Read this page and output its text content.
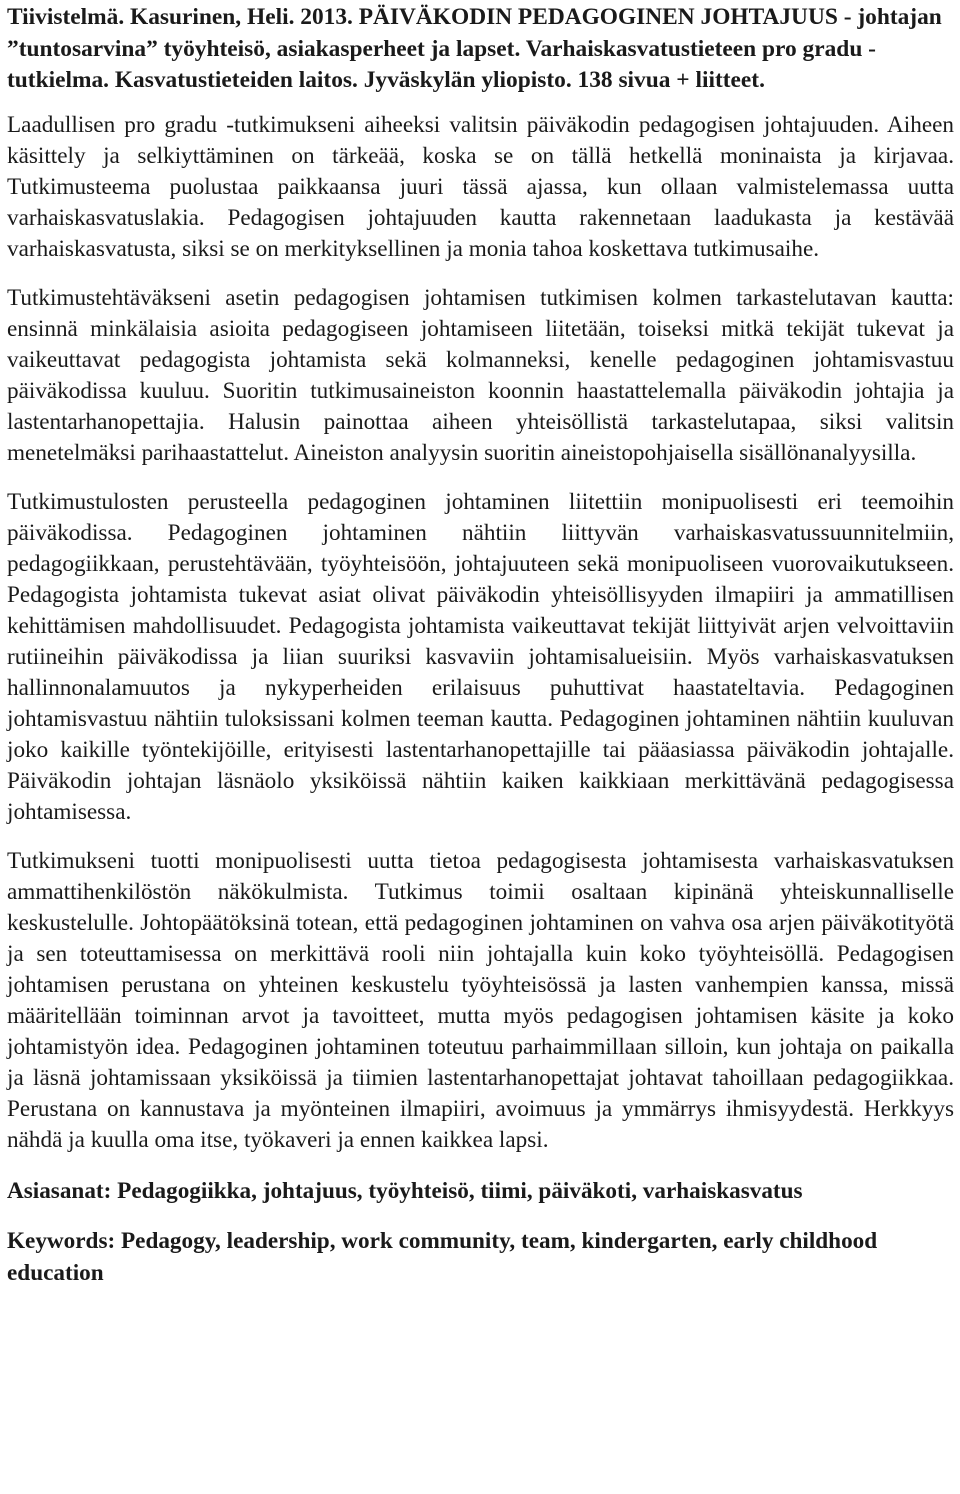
Tiivistelmä. Kasurinen, Heli. 2013. PÄIVÄKODIN PEDAGOGINEN JOHTAJUUS - johtajan ”tuntosarvina” työyhteisö, asiakasperheet ja lapset. Varhaiskasvatustieteen pro gradu -tutkielma. Kasvatustieteiden laitos. Jyväskylän yliopisto. 138 sivua + liitteet.

Laadullisen pro gradu -tutkimukseni aiheeksi valitsin päiväkodin pedagogisen johtajuuden. Aiheen käsittely ja selkiyttäminen on tärkeää, koska se on tällä hetkellä moninaista ja kirjavaa. Tutkimusteema puolustaa paikkaansa juuri tässä ajassa, kun ollaan valmistelemassa uutta varhaiskasvatuslakia. Pedagogisen johtajuuden kautta rakennetaan laadukasta ja kestävää varhaiskasvatusta, siksi se on merkityksellinen ja monia tahoa koskettava tutkimusaihe.

Tutkimustehtäväkseni asetin pedagogisen johtamisen tutkimisen kolmen tarkastelutavan kautta: ensinnä minkälaisia asioita pedagogiseen johtamiseen liitetään, toiseksi mitkä tekijät tukevat ja vaikeuttavat pedagogista johtamista sekä kolmanneksi, kenelle pedagoginen johtamisvastuu päiväkodissa kuuluu. Suoritin tutkimusaineiston koonnin haastattelemalla päiväkodin johtajia ja lastentarhanopettajia. Halusin painottaa aiheen yhteisöllistä tarkastelutapaa, siksi valitsin menetelmäksi parihaastattelut. Aineiston analyysin suoritin aineistopohjaisella sisällönanalyysilla.

Tutkimustulosten perusteella pedagoginen johtaminen liitettiin monipuolisesti eri teemoihin päiväkodissa. Pedagoginen johtaminen nähtiin liittyvän varhaiskasvatussuunnitelmiin, pedagogiikkaan, perustehtävään, työyhteisöön, johtajuuteen sekä monipuoliseen vuorovaikutukseen. Pedagogista johtamista tukevat asiat olivat päiväkodin yhteisöllisyyden ilmapiiri ja ammatillisen kehittämisen mahdollisuudet. Pedagogista johtamista vaikeuttavat tekijät liittyivät arjen velvoittaviin rutiineihin päiväkodissa ja liian suuriksi kasvaviin johtamisalueisiin. Myös varhaiskasvatuksen hallinnonalamuutos ja nykyperheiden erilaisuus puhuttivat haastateltavia. Pedagoginen johtamisvastuu nähtiin tuloksissani kolmen teeman kautta. Pedagoginen johtaminen nähtiin kuuluvan joko kaikille työntekijöille, erityisesti lastentarhanopettajille tai pääasiassa päiväkodin johtajalle. Päiväkodin johtajan läsnäolo yksiköissä nähtiin kaiken kaikkiaan merkittävänä pedagogisessa johtamisessa.

Tutkimukseni tuotti monipuolisesti uutta tietoa pedagogisesta johtamisesta varhaiskasvatuksen ammattihenkilöstön näkökulmista. Tutkimus toimii osaltaan kipinänä yhteiskunnalliselle keskustelulle. Johtopäätöksinä totean, että pedagoginen johtaminen on vahva osa arjen päiväkotityötä ja sen toteuttamisessa on merkittävä rooli niin johtajalla kuin koko työyhteisöllä. Pedagogisen johtamisen perustana on yhteinen keskustelu työyhteisössä ja lasten vanhempien kanssa, missä määritellään toiminnan arvot ja tavoitteet, mutta myös pedagogisen johtamisen käsite ja koko johtamistyön idea. Pedagoginen johtaminen toteutuu parhaimmillaan silloin, kun johtaja on paikalla ja läsnä johtamissaan yksiköissä ja tiimien lastentarhanopettajat johtavat tahoillaan pedagogiikkaa. Perustana on kannustava ja myönteinen ilmapiiri, avoimuus ja ymmärrys ihmisyydestä. Herkkyys nähdä ja kuulla oma itse, työkaveri ja ennen kaikkea lapsi.

Asiasanat: Pedagogiikka, johtajuus, työyhteisö, tiimi, päiväkoti, varhaiskasvatus

Keywords: Pedagogy, leadership, work community, team, kindergarten, early childhood education
